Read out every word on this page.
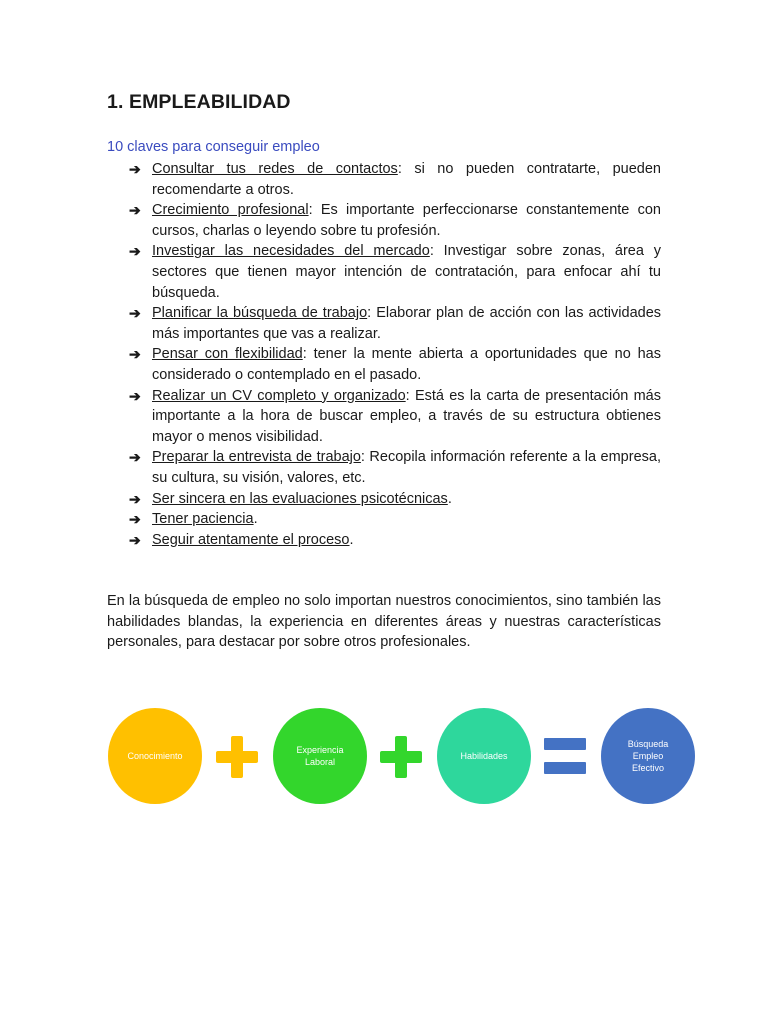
1. EMPLEABILIDAD
10 claves para conseguir empleo
➔ Consultar tus redes de contactos: si no pueden contratarte, pueden recomendarte a otros.
➔ Crecimiento profesional: Es importante perfeccionarse constantemente con cursos, charlas o leyendo sobre tu profesión.
➔ Investigar las necesidades del mercado: Investigar sobre zonas, área y sectores que tienen mayor intención de contratación, para enfocar ahí tu búsqueda.
➔ Planificar la búsqueda de trabajo: Elaborar plan de acción con las actividades más importantes que vas a realizar.
➔ Pensar con flexibilidad: tener la mente abierta a oportunidades que no has considerado o contemplado en el pasado.
➔ Realizar un CV completo y organizado: Está es la carta de presentación más importante a la hora de buscar empleo, a través de su estructura obtienes mayor o menos visibilidad.
➔ Preparar la entrevista de trabajo: Recopila información referente a la empresa, su cultura, su visión, valores, etc.
➔ Ser sincera en las evaluaciones psicotécnicas.
➔ Tener paciencia.
➔ Seguir atentamente el proceso.

En la búsqueda de empleo no solo importan nuestros conocimientos, sino también las habilidades blandas, la experiencia en diferentes áreas y nuestras características personales, para destacar por sobre otros profesionales.

Conocimiento
Experiencia
Laboral
Habilidades
Búsqueda
Empleo
Efectivo
